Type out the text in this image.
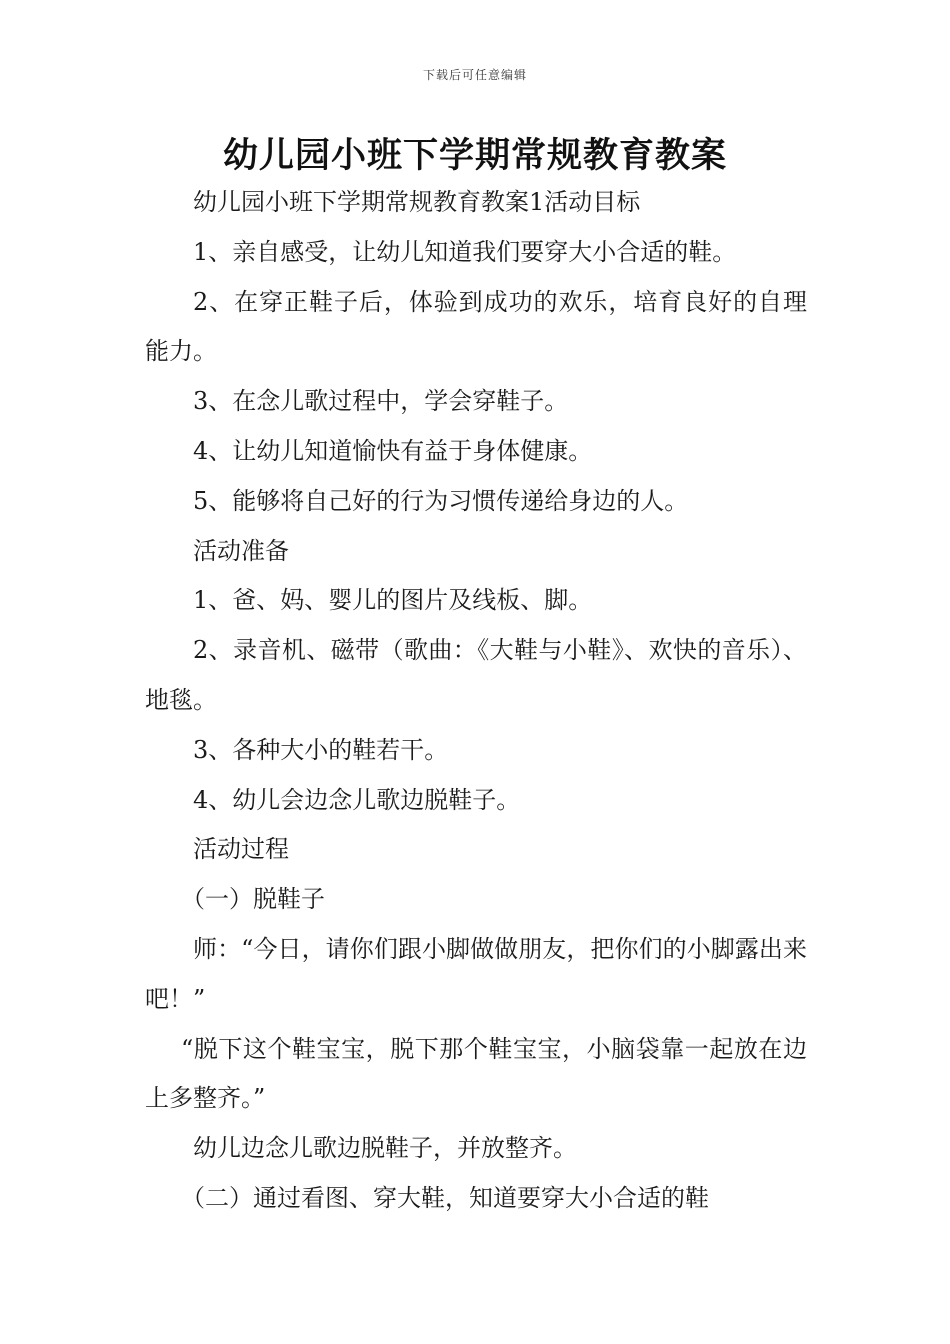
下载后可任意编辑
幼儿园小班下学期常规教育教案

幼儿园小班下学期常规教育教案1活动目标

1、亲自感受，让幼儿知道我们要穿大小合适的鞋。

2、在穿正鞋子后，体验到成功的欢乐，培育良好的自理能力。

3、在念儿歌过程中，学会穿鞋子。

4、让幼儿知道愉快有益于身体健康。

5、能够将自己好的行为习惯传递给身边的人。

活动准备

1、爸、妈、婴儿的图片及线板、脚。

2、录音机、磁带（歌曲：《大鞋与小鞋》、欢快的音乐）、地毯。

3、各种大小的鞋若干。

4、幼儿会边念儿歌边脱鞋子。

活动过程

（一）脱鞋子

师：“今日，请你们跟小脚做做朋友，把你们的小脚露出来吧！”

“脱下这个鞋宝宝，脱下那个鞋宝宝，小脑袋靠一起放在边上多整齐。”

幼儿边念儿歌边脱鞋子，并放整齐。

（二）通过看图、穿大鞋，知道要穿大小合适的鞋
